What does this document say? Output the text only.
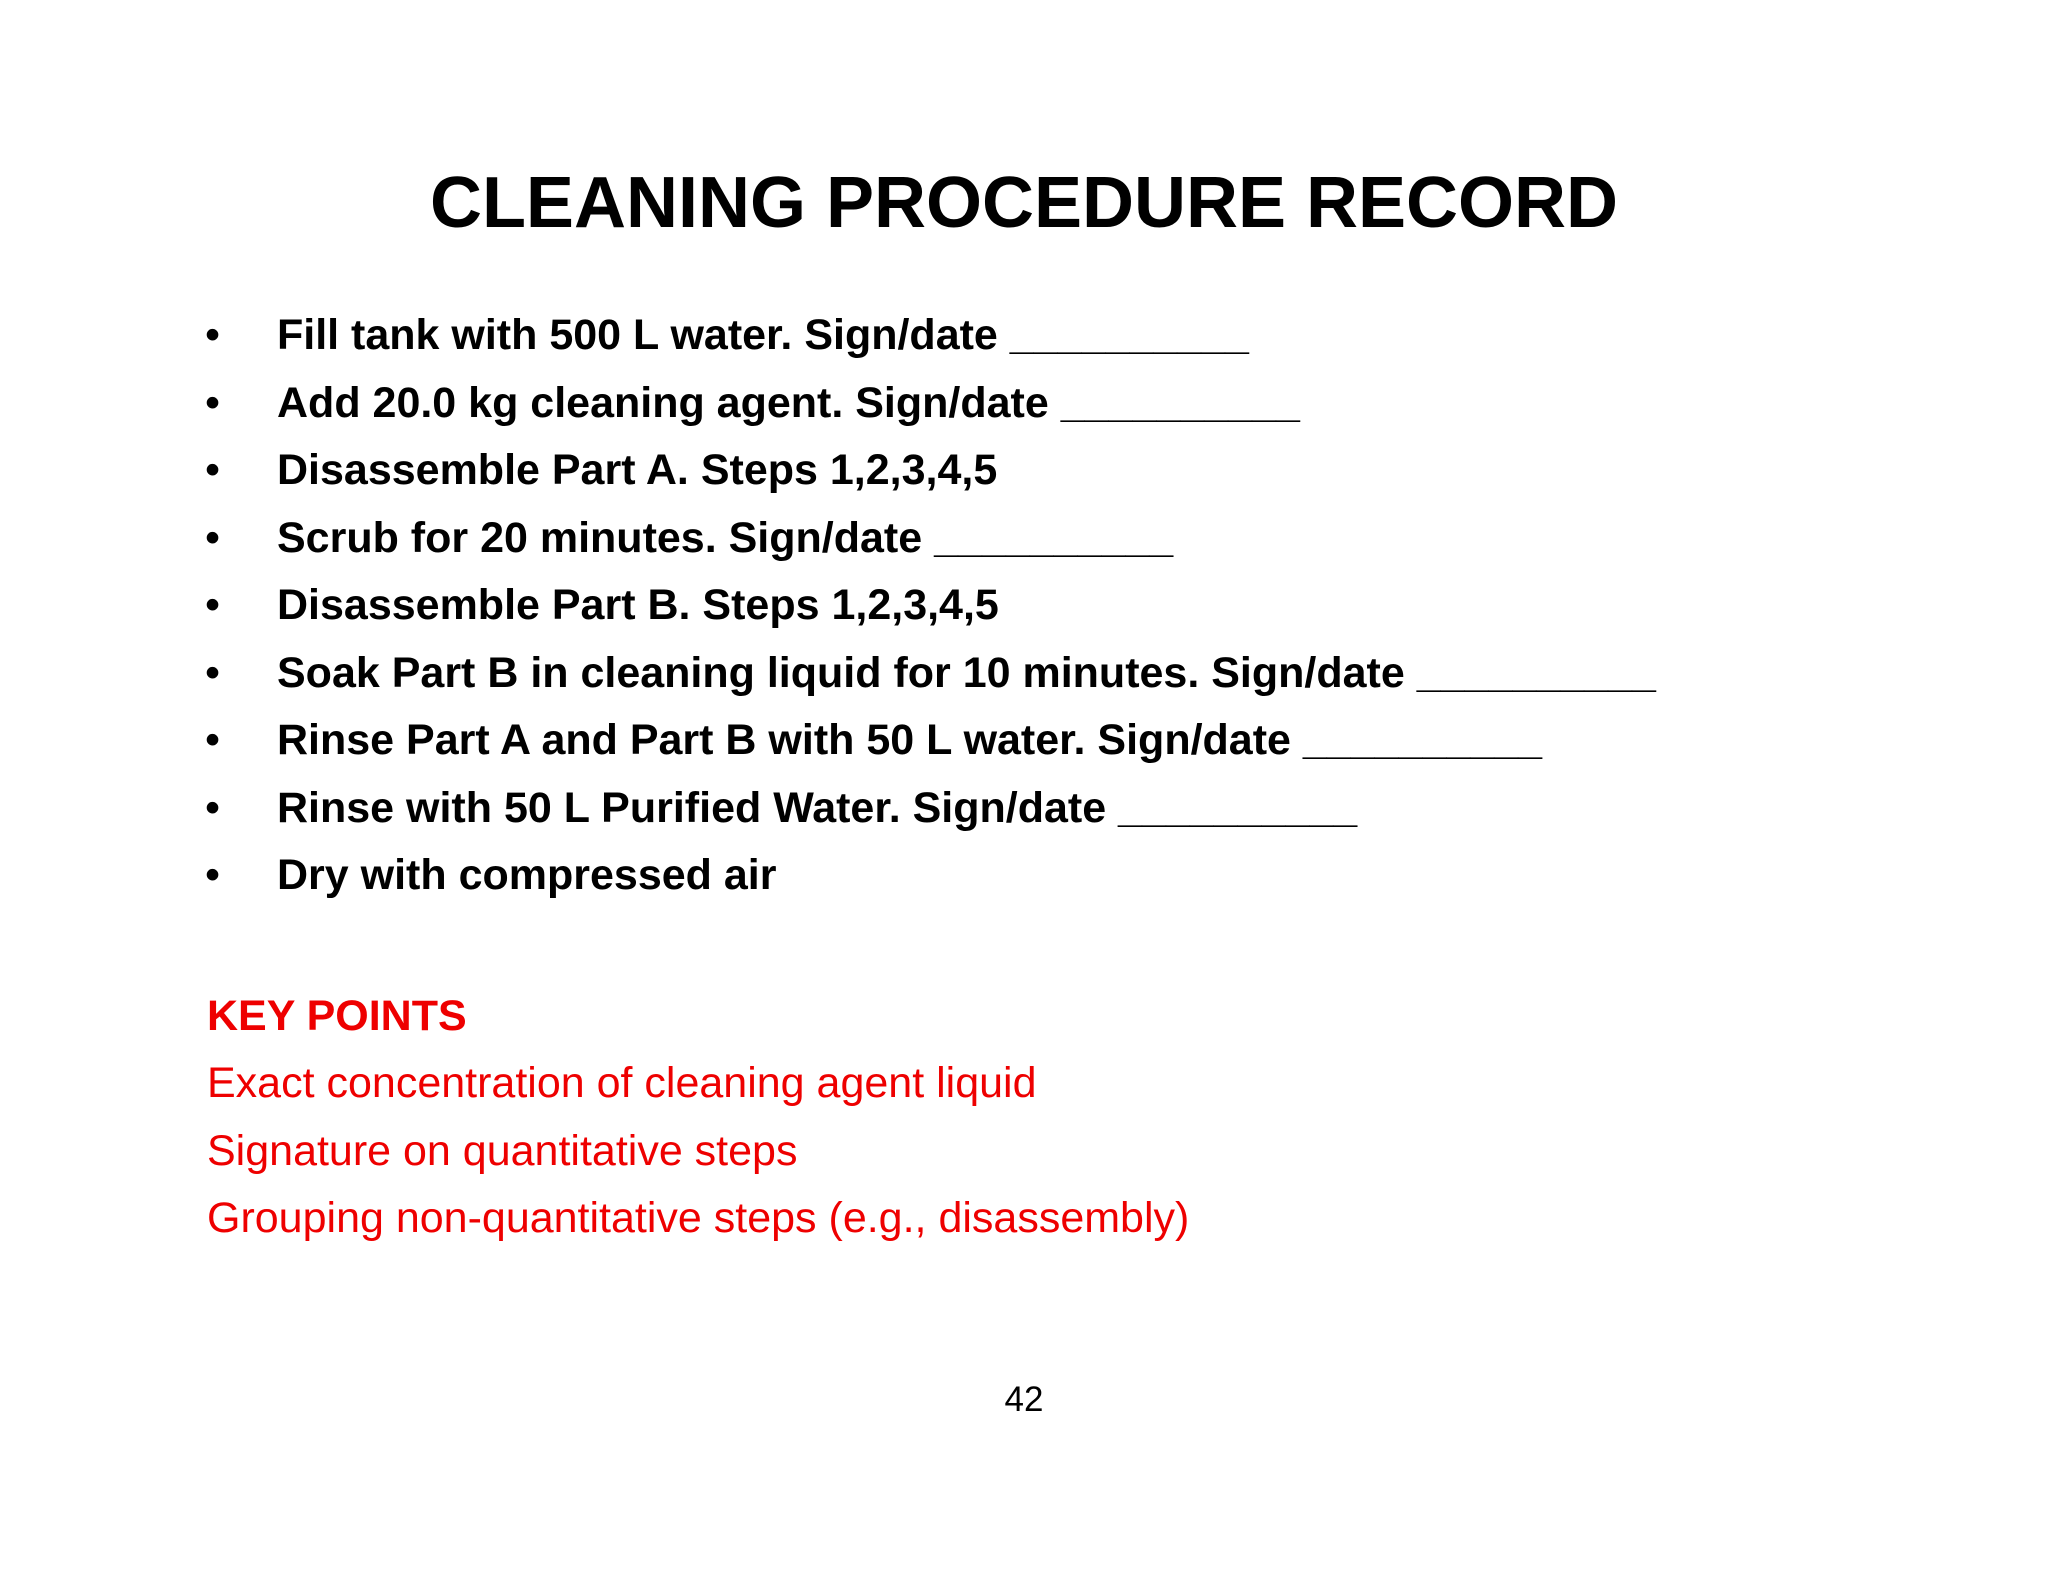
CLEANING PROCEDURE RECORD
•	Fill tank with 500 L water. Sign/date __________
•	Add 20.0 kg cleaning agent. Sign/date __________
•	Disassemble Part A. Steps 1,2,3,4,5
•	Scrub for 20 minutes. Sign/date __________
•	Disassemble Part B. Steps 1,2,3,4,5
•	Soak Part B in cleaning liquid for 10 minutes. Sign/date __________
•	Rinse Part A and Part B with 50 L water. Sign/date __________
•	Rinse with 50 L Purified Water. Sign/date __________
•	Dry with compressed air

KEY POINTS

Exact concentration of cleaning agent liquid

Signature on quantitative steps

Grouping non-quantitative steps (e.g., disassembly)

42
